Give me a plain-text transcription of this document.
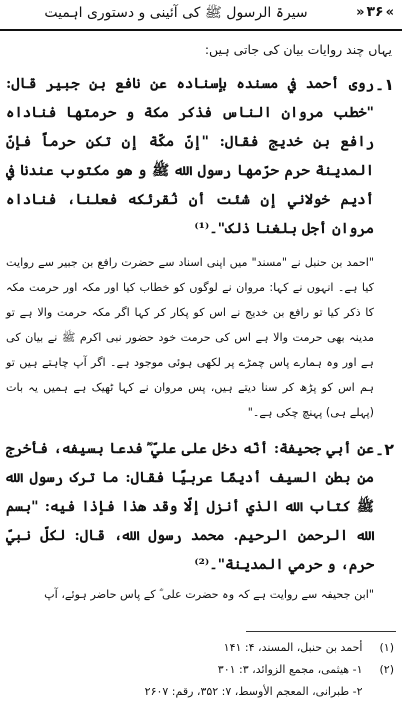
»۳۶«
سیرۃ الرسول ﷺ کی آئینی و دستوری اہمیت

یہاں چند روایات بیان کی جاتی ہیں:

۱۔

روى أحمد في مسنده بإسناده عن نافع بن جبير قال: "خطب مروان الناس فذكر مكة و حرمتها فناداه رافع بن خديج فقال: "إنّ مكّة إن تكن حرماً فإنّ المدينة حرم حرّمها رسول الله ﷺ و هو مكتوب عندنا في أديم خولاني إن شئت أن نُقرئكه فعلنا، فناداه مروان أجل بلغنا ذلک"۔⁽¹⁾

"احمد بن حنبل نے "مسند" میں اپنی اسناد سے حضرت رافع بن جبیر سے روایت کیا ہے۔ انہوں نے کہا: مروان نے لوگوں کو خطاب کیا اور مکہ اور حرمت مکہ کا ذکر کیا تو رافع بن خدیج نے اس کو پکار کر کہا اگر مکہ حرمت والا ہے تو مدینہ بھی حرمت والا ہے اس کی حرمت خود حضور نبی اکرم ﷺ نے بیان کی ہے اور وہ ہمارے پاس چمڑے پر لکھی ہوئی موجود ہے۔ اگر آپ چاہتے ہیں تو ہم اس کو پڑھ کر سنا دیتے ہیں، پس مروان نے کہا ٹھیک ہے ہمیں یہ بات (پہلے ہی) پہنچ چکی ہے۔"

۲۔

عن أبي جحيفة: أنّه دخل على عليّ ؓ فدعا بسيفه، فأخرج من بطن السيف أديمًا عربيًا فقال: ما ترک رسول الله ﷺ كتاب الله الذي أنزل إلّا وقد هذا فإذا فيه: "بسم الله الرحمن الرحيم. محمد رسول الله، قال: لكلّ نبيّ حرم، و حرمي المدينة"۔⁽²⁾

"ابن جحیفہ سے روایت ہے کہ وہ حضرت علی ؓ کے پاس حاضر ہوئے، آپ

(۱) أحمد بن حنبل، المسند، ۴: ۱۴۱
(۲) ۱- هيثمى، مجمع الزوائد، ۳: ۳۰۱
۲- طبرانى، المعجم الأوسط، ۷: ۳۵۲، رقم: ۲۶۰۷
